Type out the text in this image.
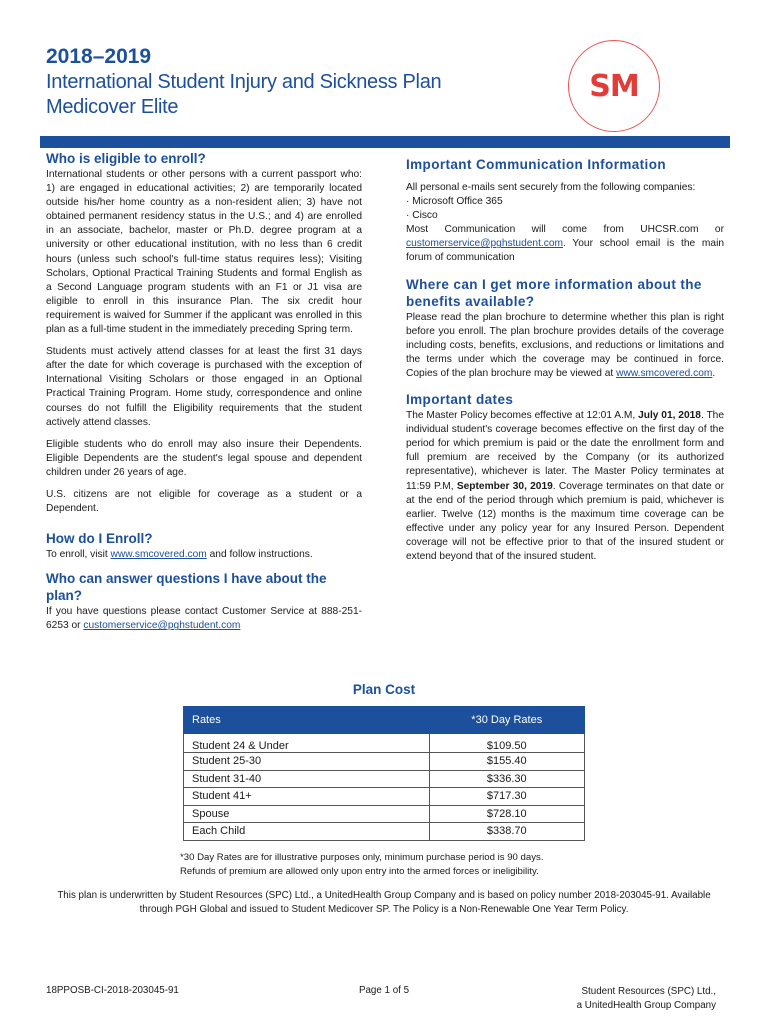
2018–2019
International Student Injury and Sickness Plan
Medicover Elite
SM
Who is eligible to enroll?

International students or other persons with a current passport who: 1) are engaged in educational activities; 2) are temporarily located outside his/her home country as a non-resident alien; 3) have not obtained permanent residency status in the U.S.; and 4) are enrolled in an associate, bachelor, master or Ph.D. degree program at a university or other educational institution, with no less than 6 credit hours (unless such school's full-time status requires less); Visiting Scholars, Optional Practical Training Students and formal English as a Second Language program students with an F1 or J1 visa are eligible to enroll in this insurance Plan. The six credit hour requirement is waived for Summer if the applicant was enrolled in this plan as a full-time student in the immediately preceding Spring term.

Students must actively attend classes for at least the first 31 days after the date for which coverage is purchased with the exception of International Visiting Scholars or those engaged in an Optional Practical Training Program. Home study, correspondence and online courses do not fulfill the Eligibility requirements that the student actively attend classes.

Eligible students who do enroll may also insure their Dependents. Eligible Dependents are the student's legal spouse and dependent children under 26 years of age.

U.S. citizens are not eligible for coverage as a student or a Dependent.

How do I Enroll?

To enroll, visit www.smcovered.com and follow instructions.

Who can answer questions I have about the plan?

If you have questions please contact Customer Service at 888-251-6253 or customerservice@pghstudent.com

Important Communication Information
All personal e-mails sent securely from the following companies:
· Microsoft Office 365
· Cisco

Most Communication will come from UHCSR.com or customerservice@pghstudent.com. Your school email is the main forum of communication

Where can I get more information about the benefits available?

Please read the plan brochure to determine whether this plan is right before you enroll. The plan brochure provides details of the coverage including costs, benefits, exclusions, and reductions or limitations and the terms under which the coverage may be continued in force. Copies of the plan brochure may be viewed at www.smcovered.com.

Important dates

The Master Policy becomes effective at 12:01 A.M, July 01, 2018. The individual student's coverage becomes effective on the first day of the period for which premium is paid or the date the enrollment form and full premium are received by the Company (or its authorized representative), whichever is later. The Master Policy terminates at 11:59 P.M, September 30, 2019. Coverage terminates on that date or at the end of the period through which premium is paid, whichever is earlier. Twelve (12) months is the maximum time coverage can be effective under any policy year for any Insured Person. Dependent coverage will not be effective prior to that of the insured student or extend beyond that of the insured student.

Plan Cost
Rates	*30 Day Rates
Student 24 & Under	$109.50
Student 25-30	$155.40
Student 31-40	$336.30
Student 41+	$717.30
Spouse	$728.10
Each Child	$338.70
*30 Day Rates are for illustrative purposes only, minimum purchase period is 90 days.
Refunds of premium are allowed only upon entry into the armed forces or ineligibility.
This plan is underwritten by Student Resources (SPC) Ltd., a UnitedHealth Group Company and is based on policy number 2018-203045-91. Available through PGH Global and issued to Student Medicover SP. The Policy is a Non-Renewable One Year Term Policy.
18PPOSB-CI-2018-203045-91	Page 1 of 5	Student Resources (SPC) Ltd.,
a UnitedHealth Group Company
